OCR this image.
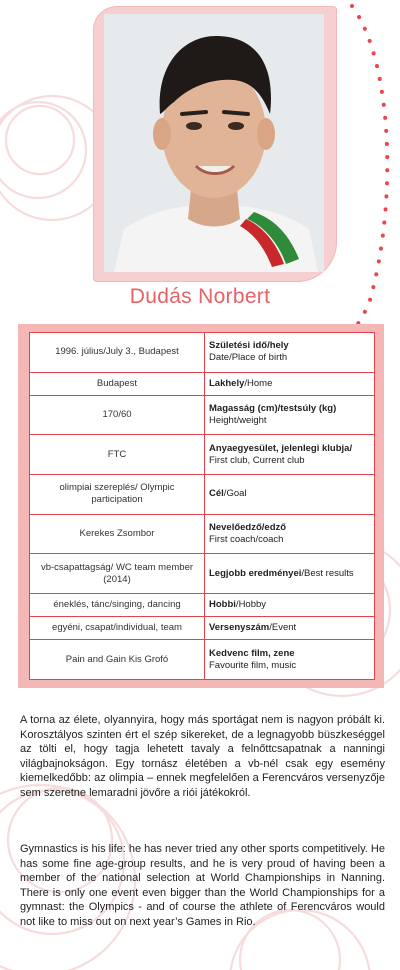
Dudás Norbert
1996. július/July 3., Budapest	Születési idő/hely
Date/Place of birth
Budapest	Lakhely/Home
170/60	Magasság (cm)/testsúly (kg)
Height/weight
FTC	Anyaegyesület, jelenlegi klubja/
First club, Current club
olimpiai szereplés/ Olympic participation	Cél/Goal
Kerekes Zsombor	Nevelőedző/edző
First coach/coach
vb-csapattagság/ WC team member (2014)	Legjobb eredményei/Best results
éneklés, tánc/singing, dancing	Hobbi/Hobby
egyéni, csapat/individual, team	Versenyszám/Event
Pain and Gain Kis Grofó	Kedvenc film, zene
Favourite film, music
A torna az élete, olyannyira, hogy más sportágat nem is nagyon próbált ki. Korosztályos szinten ért el szép sikereket, de a legnagyobb büszkeséggel az tölti el, hogy tagja lehetett tavaly a felnőttcsapatnak a nanningi világbajnokságon. Egy tornász életében a vb-nél csak egy esemény kiemelkedőbb: az olimpia – ennek megfelelően a Ferencváros versenyzője sem szeretne lemaradni jövőre a riói játékokról.
Gymnastics is his life: he has never tried any other sports competitively. He has some fine age-group results, and he is very proud of having been a member of the national selection at World Championships in Nanning. There is only one event even bigger than the World Championships for a gymnast: the Olympics - and of course the athlete of Ferencváros would not like to miss out on next year’s Games in Rio.
